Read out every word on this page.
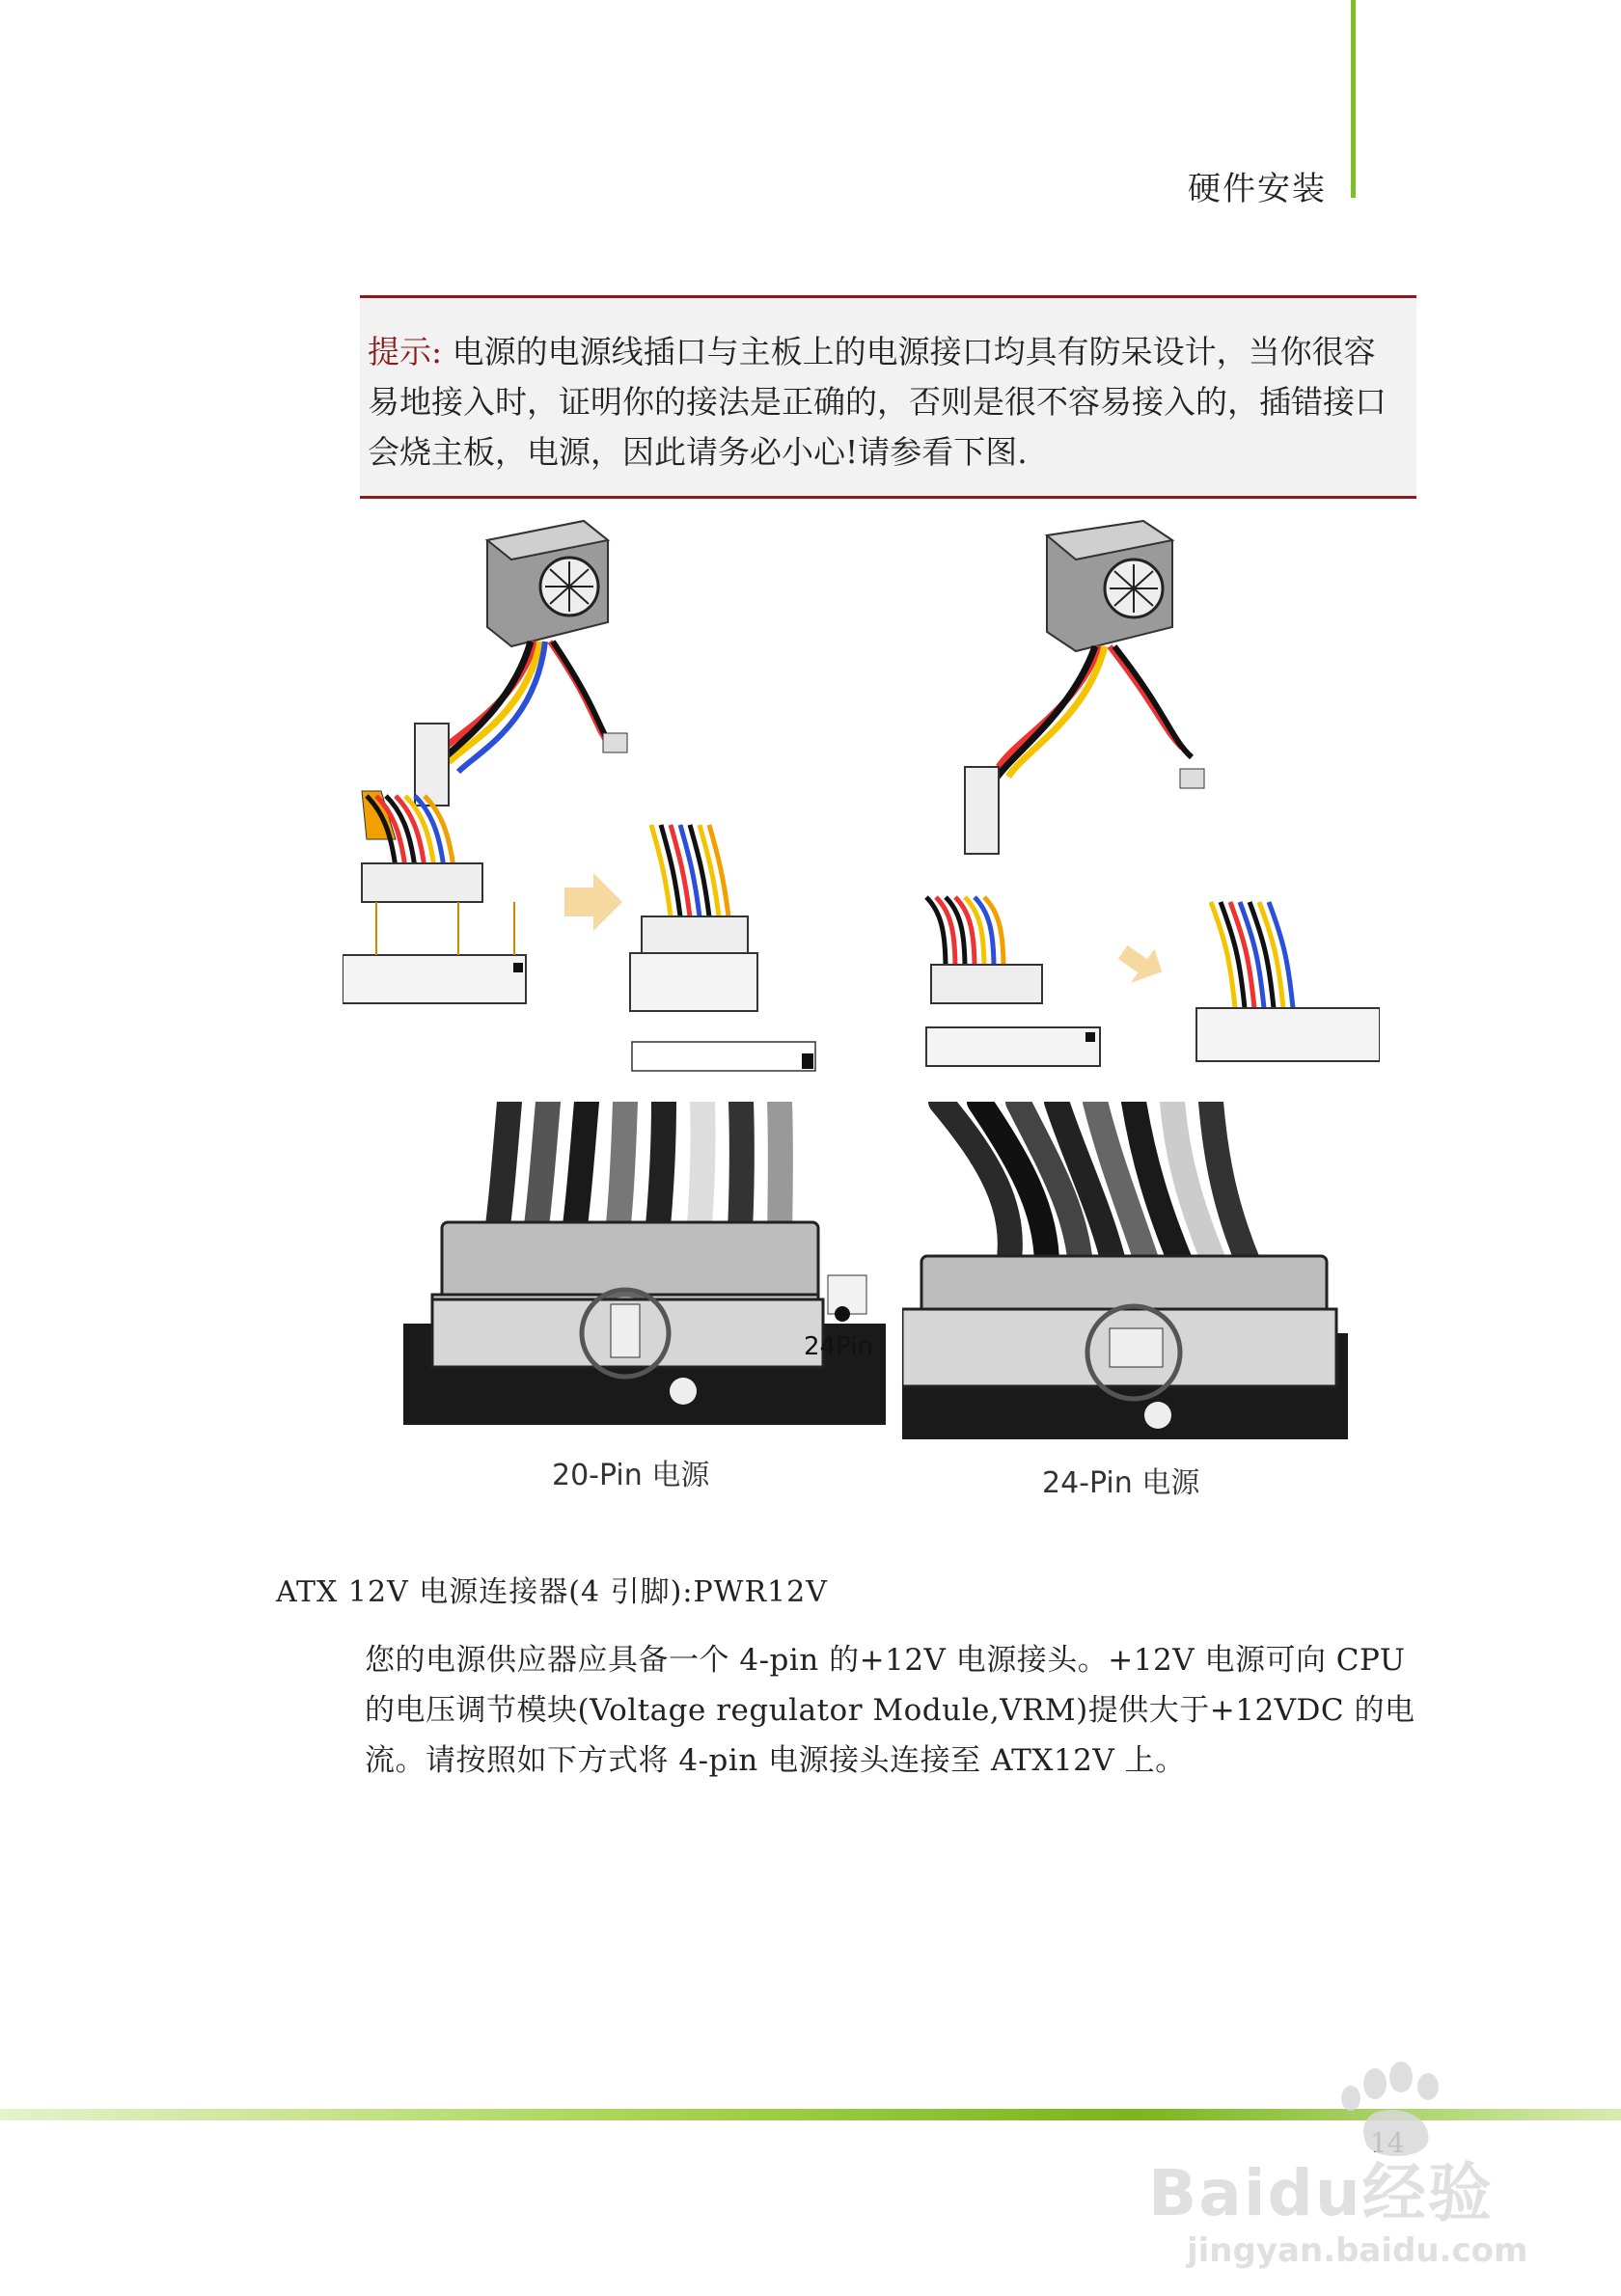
硬件安装
提示: 电源的电源线插口与主板上的电源接口均具有防呆设计，当你很容易地接入时，证明你的接法是正确的，否则是很不容易接入的，插错接口会烧主板，电源，因此请务必小心!请参看下图.
24Pin
20-Pin 电源	24-Pin 电源
ATX 12V 电源连接器(4 引脚):PWR12V
您的电源供应器应具备一个 4-pin 的+12V 电源接头。+12V 电源可向 CPU 的电压调节模块(Voltage regulator Module,VRM)提供大于+12VDC 的电流。请按照如下方式将 4-pin 电源接头连接至 ATX12V 上。
Baidu经验
jingyan.baidu.com
